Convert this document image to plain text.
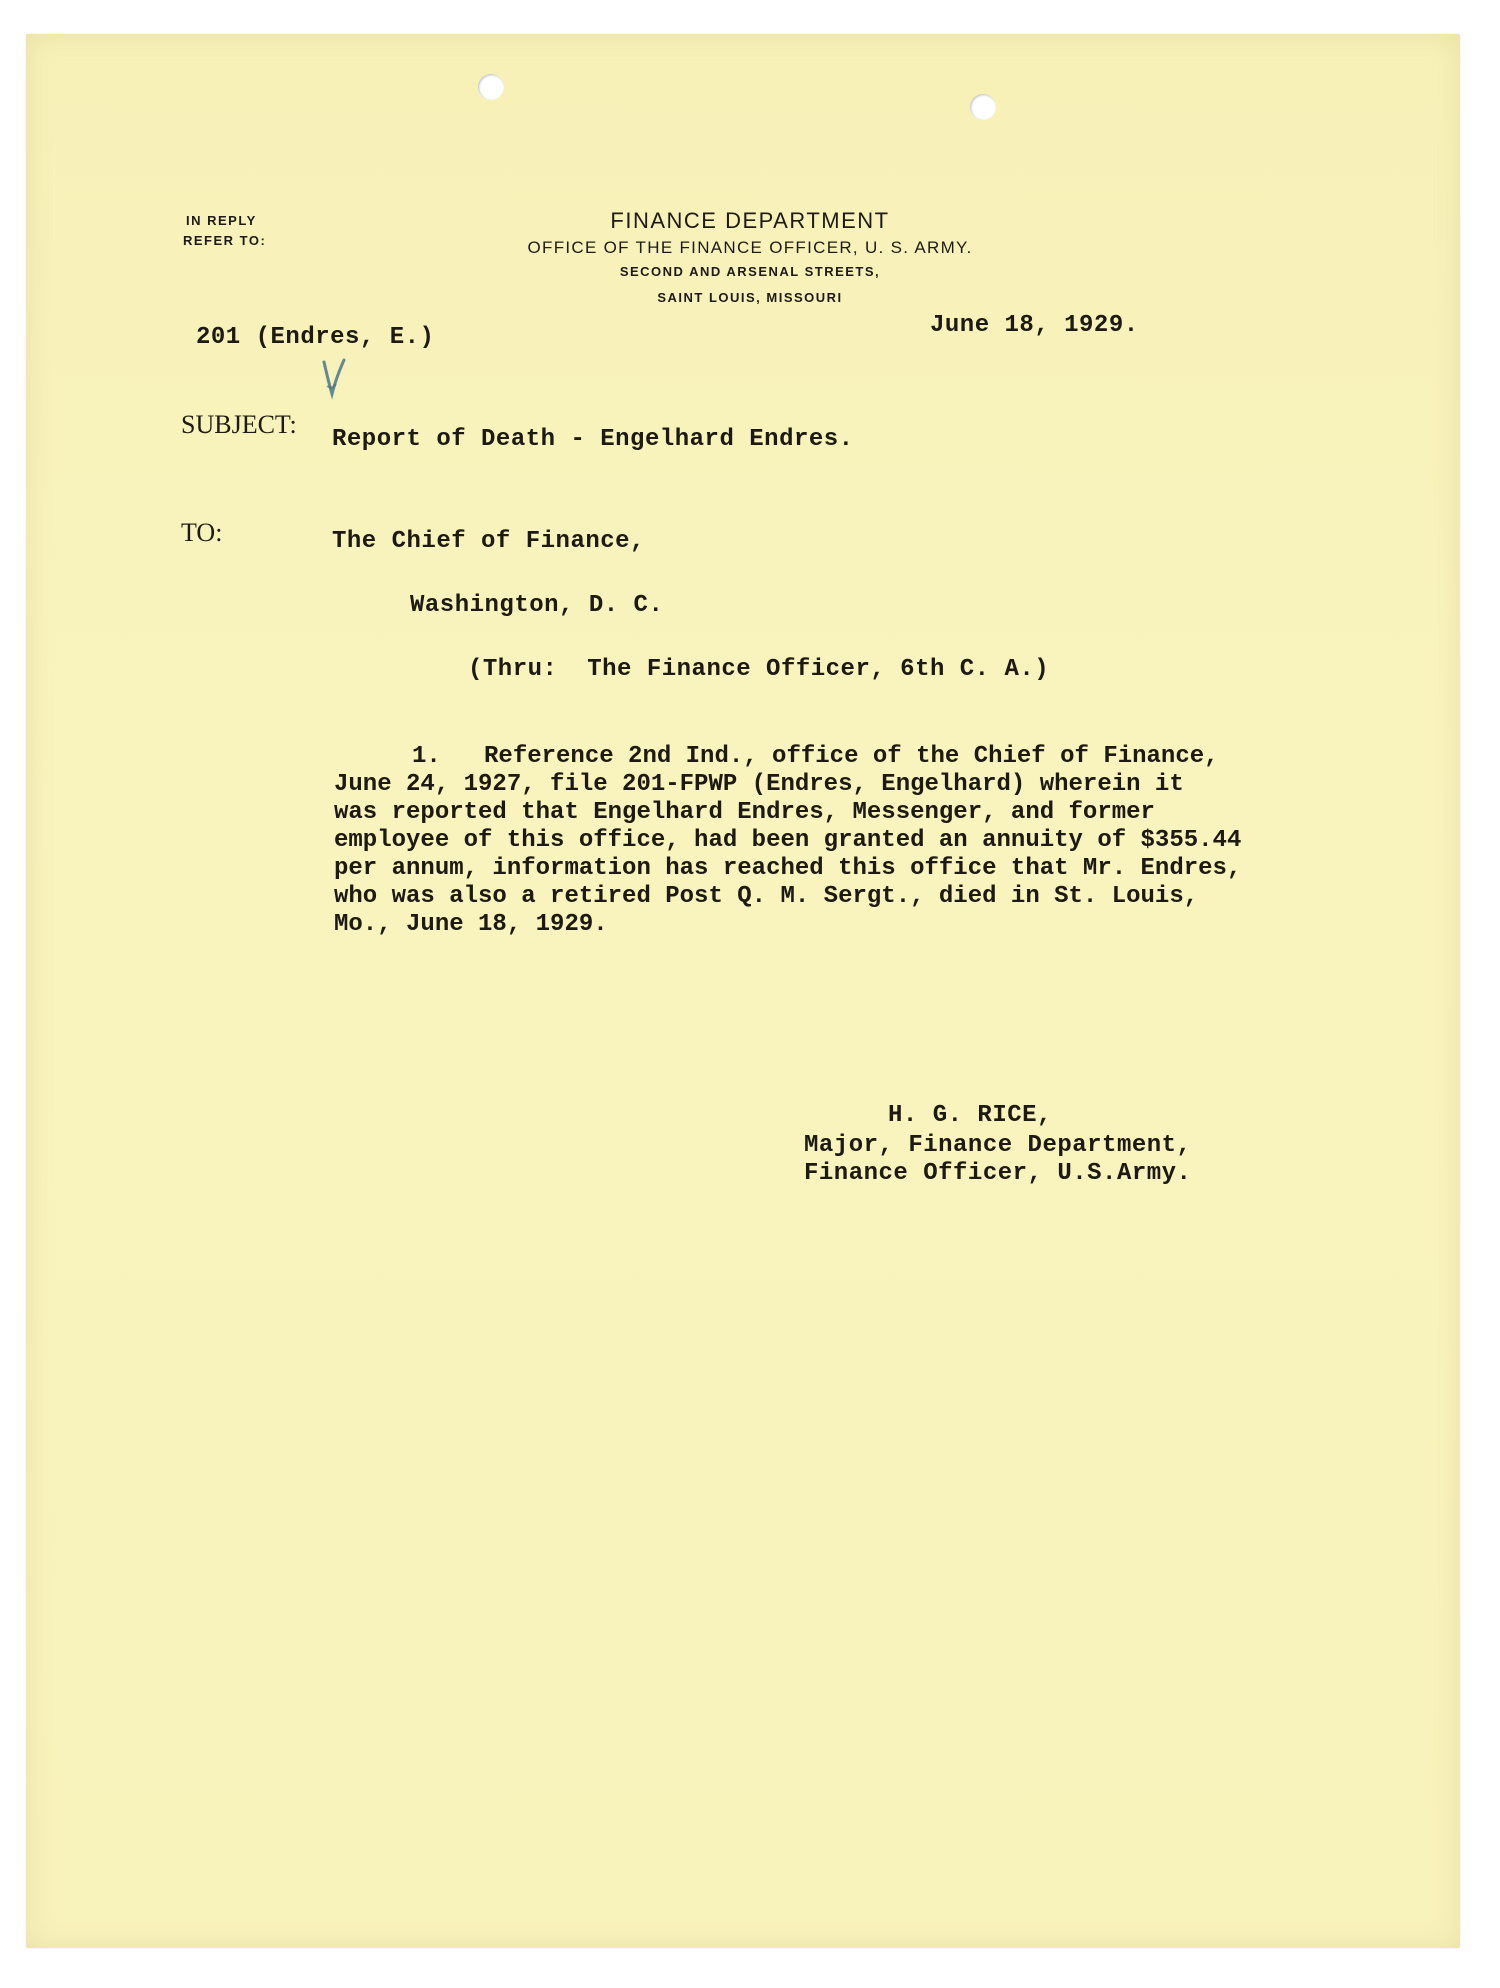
IN REPLY
REFER TO:
FINANCE DEPARTMENT
OFFICE OF THE FINANCE OFFICER, U. S. ARMY.
SECOND AND ARSENAL STREETS,
SAINT LOUIS, MISSOURI
201 (Endres, E.)	June 18, 1929.
SUBJECT:
Report of Death - Engelhard Endres.
TO:	The Chief of Finance,
Washington, D. C.
(Thru:  The Finance Officer, 6th C. A.)
1.   Reference 2nd Ind., office of the Chief of Finance,
June 24, 1927, file 201-FPWP (Endres, Engelhard) wherein it
was reported that Engelhard Endres, Messenger, and former
employee of this office, had been granted an annuity of $355.44
per annum, information has reached this office that Mr. Endres,
who was also a retired Post Q. M. Sergt., died in St. Louis,
Mo., June 18, 1929.
H. G. RICE,
Major, Finance Department,
Finance Officer, U.S.Army.
